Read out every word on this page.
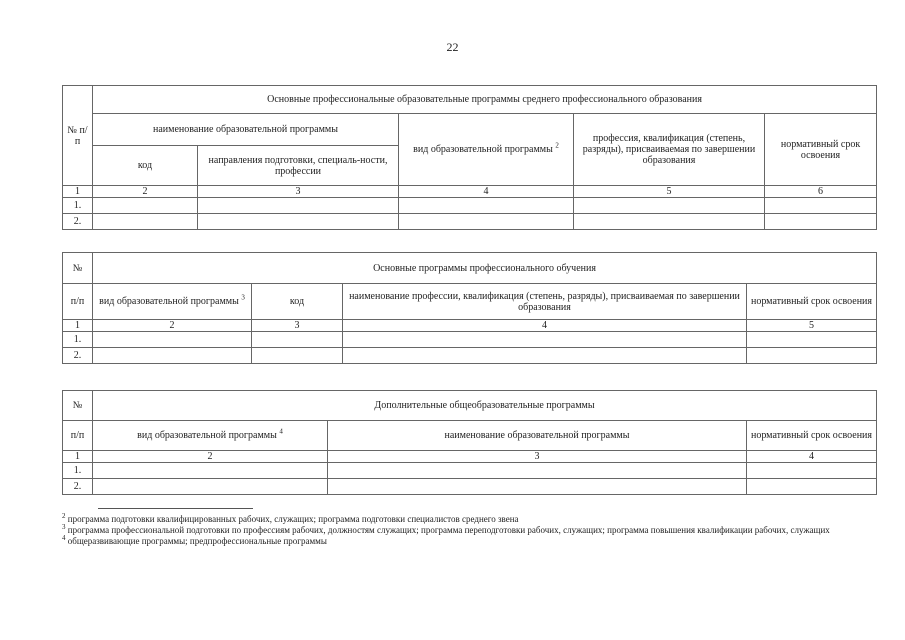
22
№ п/п	Основные профессиональные образовательные программы среднего профессионального образования				
	наименование образовательной программы		вид образовательной программы $^2$	профессия, квалификация (степень, разряды), присваиваемая по завершении образования	нормативный срок освоения
	код	направления подготовки, специаль-ности, профессии			
1	2	3	4	5	6
1.					
2.					
№	Основные программы профессионального обучения			
п/п	вид образовательной программы $^3$	код	наименование профессии, квалификация (степень, разряды), присваиваемая по завершении образования	нормативный срок освоения
1	2	3	4	5
1.				
2.				
№	Дополнительные общеобразовательные программы		
п/п	вид образовательной программы $^4$	наименование образовательной программы	нормативный срок освоения
1	2	3	4
1.			
2.			

$^2$ программа подготовки квалифицированных рабочих, служащих; программа подготовки специалистов среднего звена

$^3$ программа профессиональной подготовки по профессиям рабочих, должностям служащих; программа переподготовки рабочих, служащих; программа повышения квалификации рабочих, служащих

$^4$ общеразвивающие программы; предпрофессиональные программы
